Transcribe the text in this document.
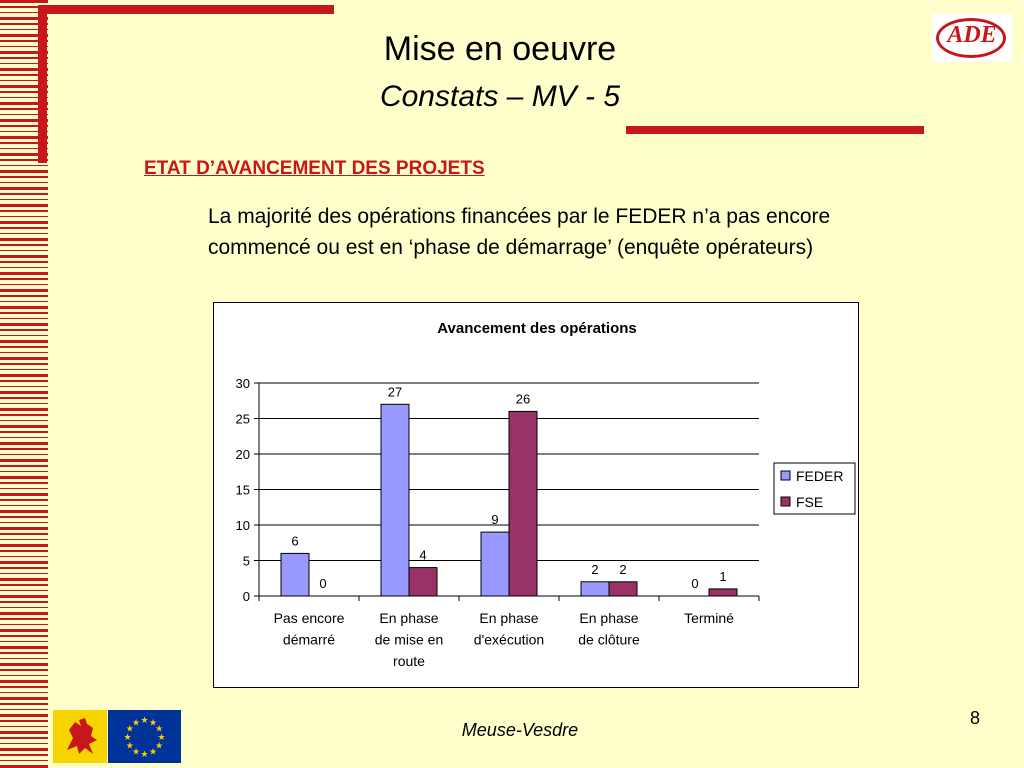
Mise en oeuvre
Constats – MV - 5
ADE
ETAT D’AVANCEMENT DES PROJETS
La majorité des opérations financées par le FEDER n’a pas encore commencé ou est en ‘phase de démarrage’ (enquête opérateurs)
Avancement des opérations
0
5
10
15
20
25
30
6
0
Pas encore
démarré
27
4
En phase
de mise en
route
9
26
En phase
d'exécution
2 2
En phase
de clôture
0 1
Terminé
FEDER
FSE
★
★
★
★
★
★
★
★
★ ★ ★
★	Meuse-Vesdre
8
